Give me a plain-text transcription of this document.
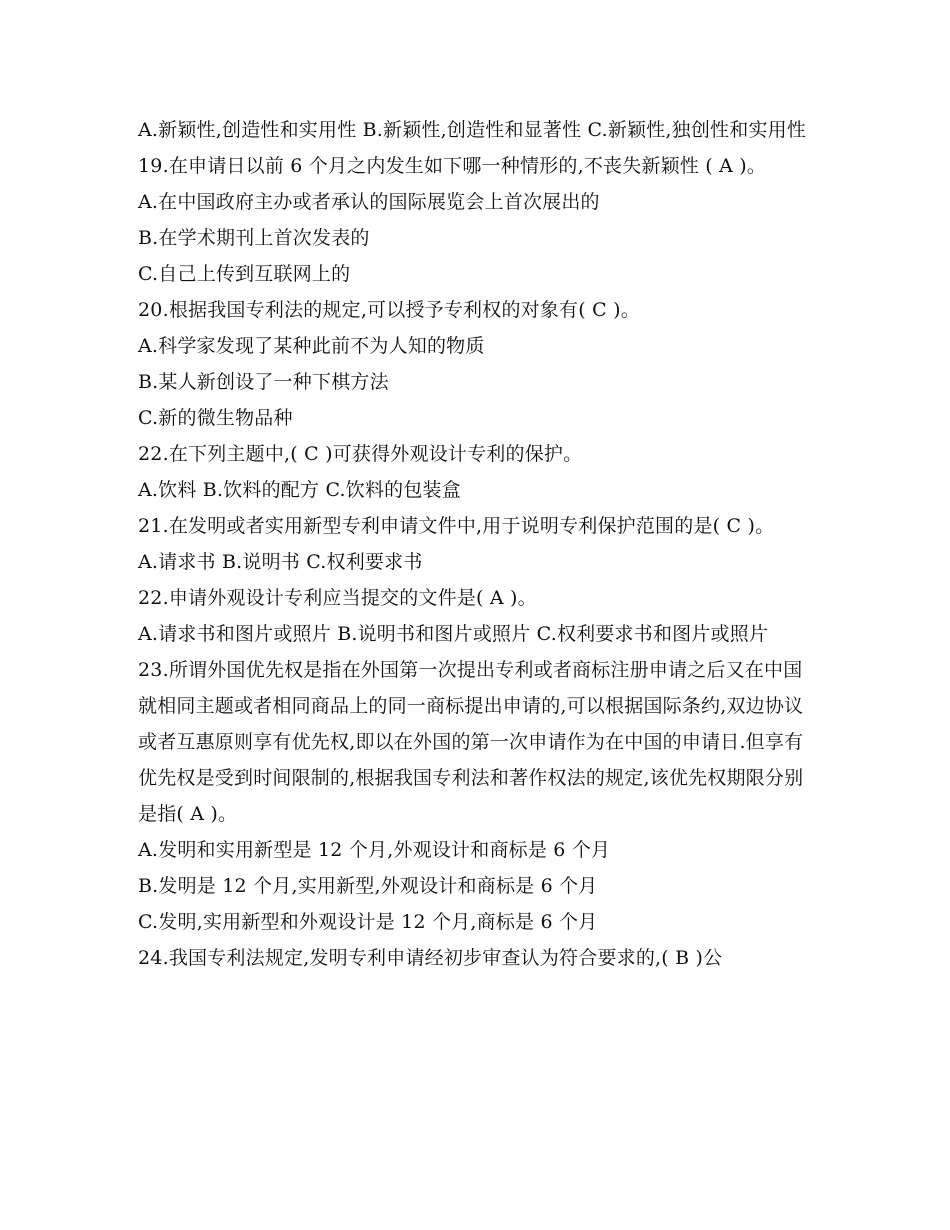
A.新颖性,创造性和实用性 B.新颖性,创造性和显著性 C.新颖性,独创性和实用性

19.在申请日以前 6 个月之内发生如下哪一种情形的,不丧失新颖性 ( A )。

A.在中国政府主办或者承认的国际展览会上首次展出的

B.在学术期刊上首次发表的

C.自己上传到互联网上的

20.根据我国专利法的规定,可以授予专利权的对象有( C )。

A.科学家发现了某种此前不为人知的物质

B.某人新创设了一种下棋方法

C.新的微生物品种

22.在下列主题中,( C )可获得外观设计专利的保护。

A.饮料 B.饮料的配方 C.饮料的包装盒

21.在发明或者实用新型专利申请文件中,用于说明专利保护范围的是( C )。

A.请求书 B.说明书 C.权利要求书

22.申请外观设计专利应当提交的文件是( A )。

A.请求书和图片或照片 B.说明书和图片或照片 C.权利要求书和图片或照片

23.所谓外国优先权是指在外国第一次提出专利或者商标注册申请之后又在中国就相同主题或者相同商品上的同一商标提出申请的,可以根据国际条约,双边协议或者互惠原则享有优先权,即以在外国的第一次申请作为在中国的申请日.但享有优先权是受到时间限制的,根据我国专利法和著作权法的规定,该优先权期限分别是指( A )。

A.发明和实用新型是 12 个月,外观设计和商标是 6 个月

B.发明是 12 个月,实用新型,外观设计和商标是 6 个月

C.发明,实用新型和外观设计是 12 个月,商标是 6 个月

24.我国专利法规定,发明专利申请经初步审查认为符合要求的,( B )公
